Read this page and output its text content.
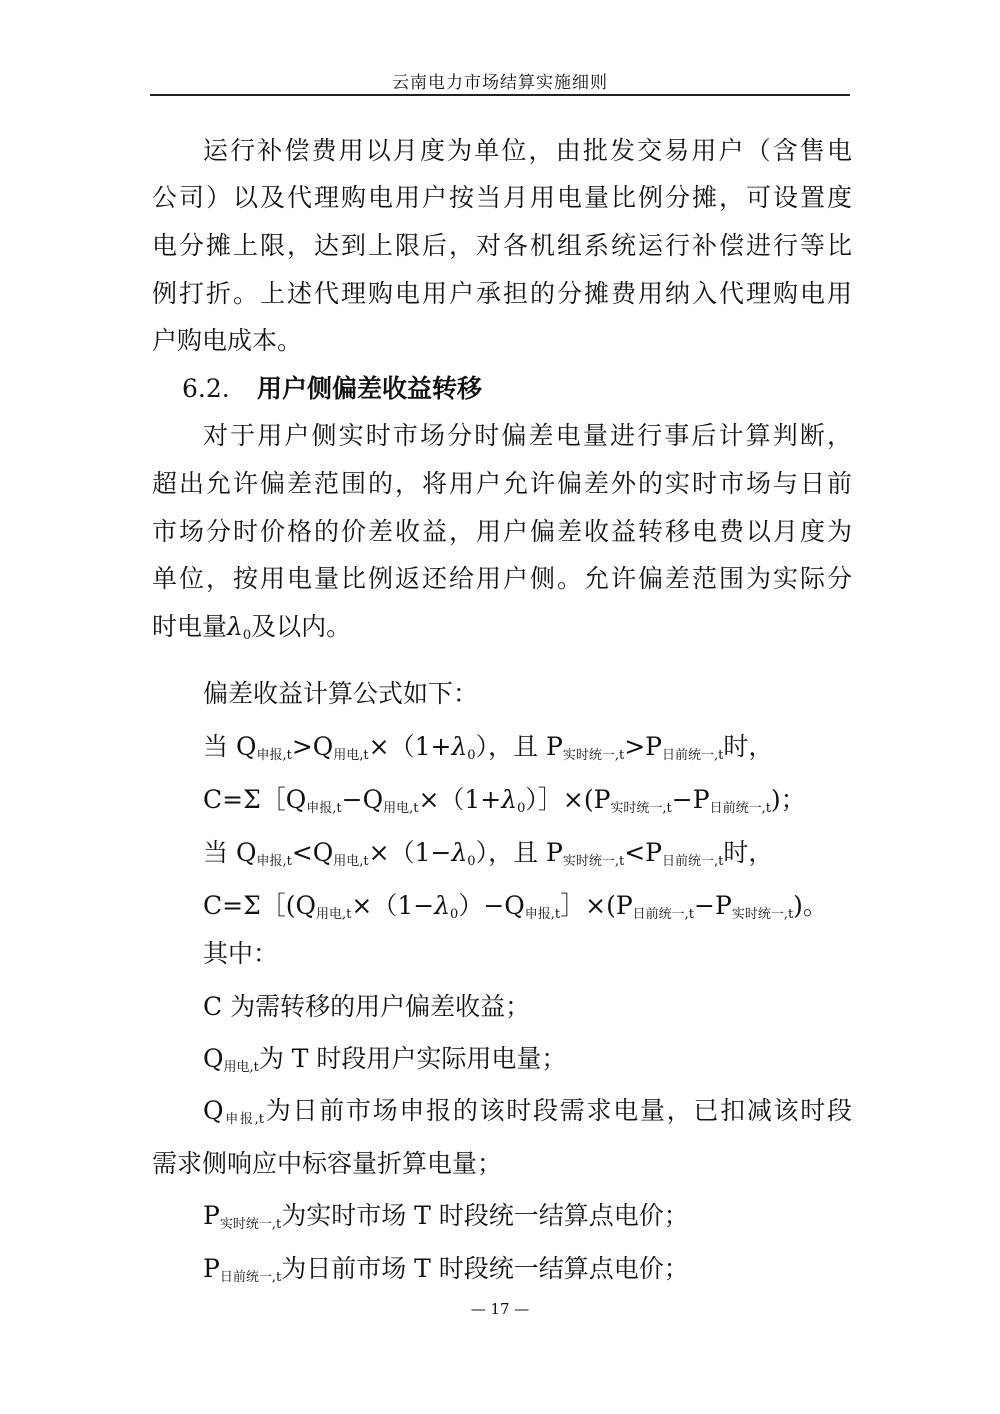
云南电力市场结算实施细则
运行补偿费用以月度为单位，由批发交易用户（含售电
公司）以及代理购电用户按当月用电量比例分摊，可设置度
电分摊上限，达到上限后，对各机组系统运行补偿进行等比
例打折。上述代理购电用户承担的分摊费用纳入代理购电用
户购电成本。
6.2. 用户侧偏差收益转移
对于用户侧实时市场分时偏差电量进行事后计算判断，
超出允许偏差范围的，将用户允许偏差外的实时市场与日前
市场分时价格的价差收益，用户偏差收益转移电费以月度为
单位，按用电量比例返还给用户侧。允许偏差范围为实际分
时电量$\lambda_0$及以内。
偏差收益计算公式如下：
当 $Q_{申报,t}>Q_{用电,t}\times(1+\lambda_0)$，且 $P_{实时统一,t}>P_{日前统一,t}$时，
$C=\Sigma[Q_{申报,t}-Q_{用电,t}\times(1+\lambda_0)]\times(P_{实时统一,t}-P_{日前统一,t})$；
当 $Q_{申报,t}<Q_{用电,t}\times(1-\lambda_0)$，且 $P_{实时统一,t}<P_{日前统一,t}$时，
$C=\Sigma[(Q_{用电,t}\times(1-\lambda_0)-Q_{申报,t}]\times(P_{日前统一,t}-P_{实时统一,t})$。
其中：
C 为需转移的用户偏差收益；
$Q_{用电,t}$为 T 时段用户实际用电量；
$Q_{申报,t}$为日前市场申报的该时段需求电量，已扣减该时段
需求侧响应中标容量折算电量；
$P_{实时统一,t}$为实时市场 T 时段统一结算点电价；
$P_{日前统一,t}$为日前市场 T 时段统一结算点电价；
— 17 —
